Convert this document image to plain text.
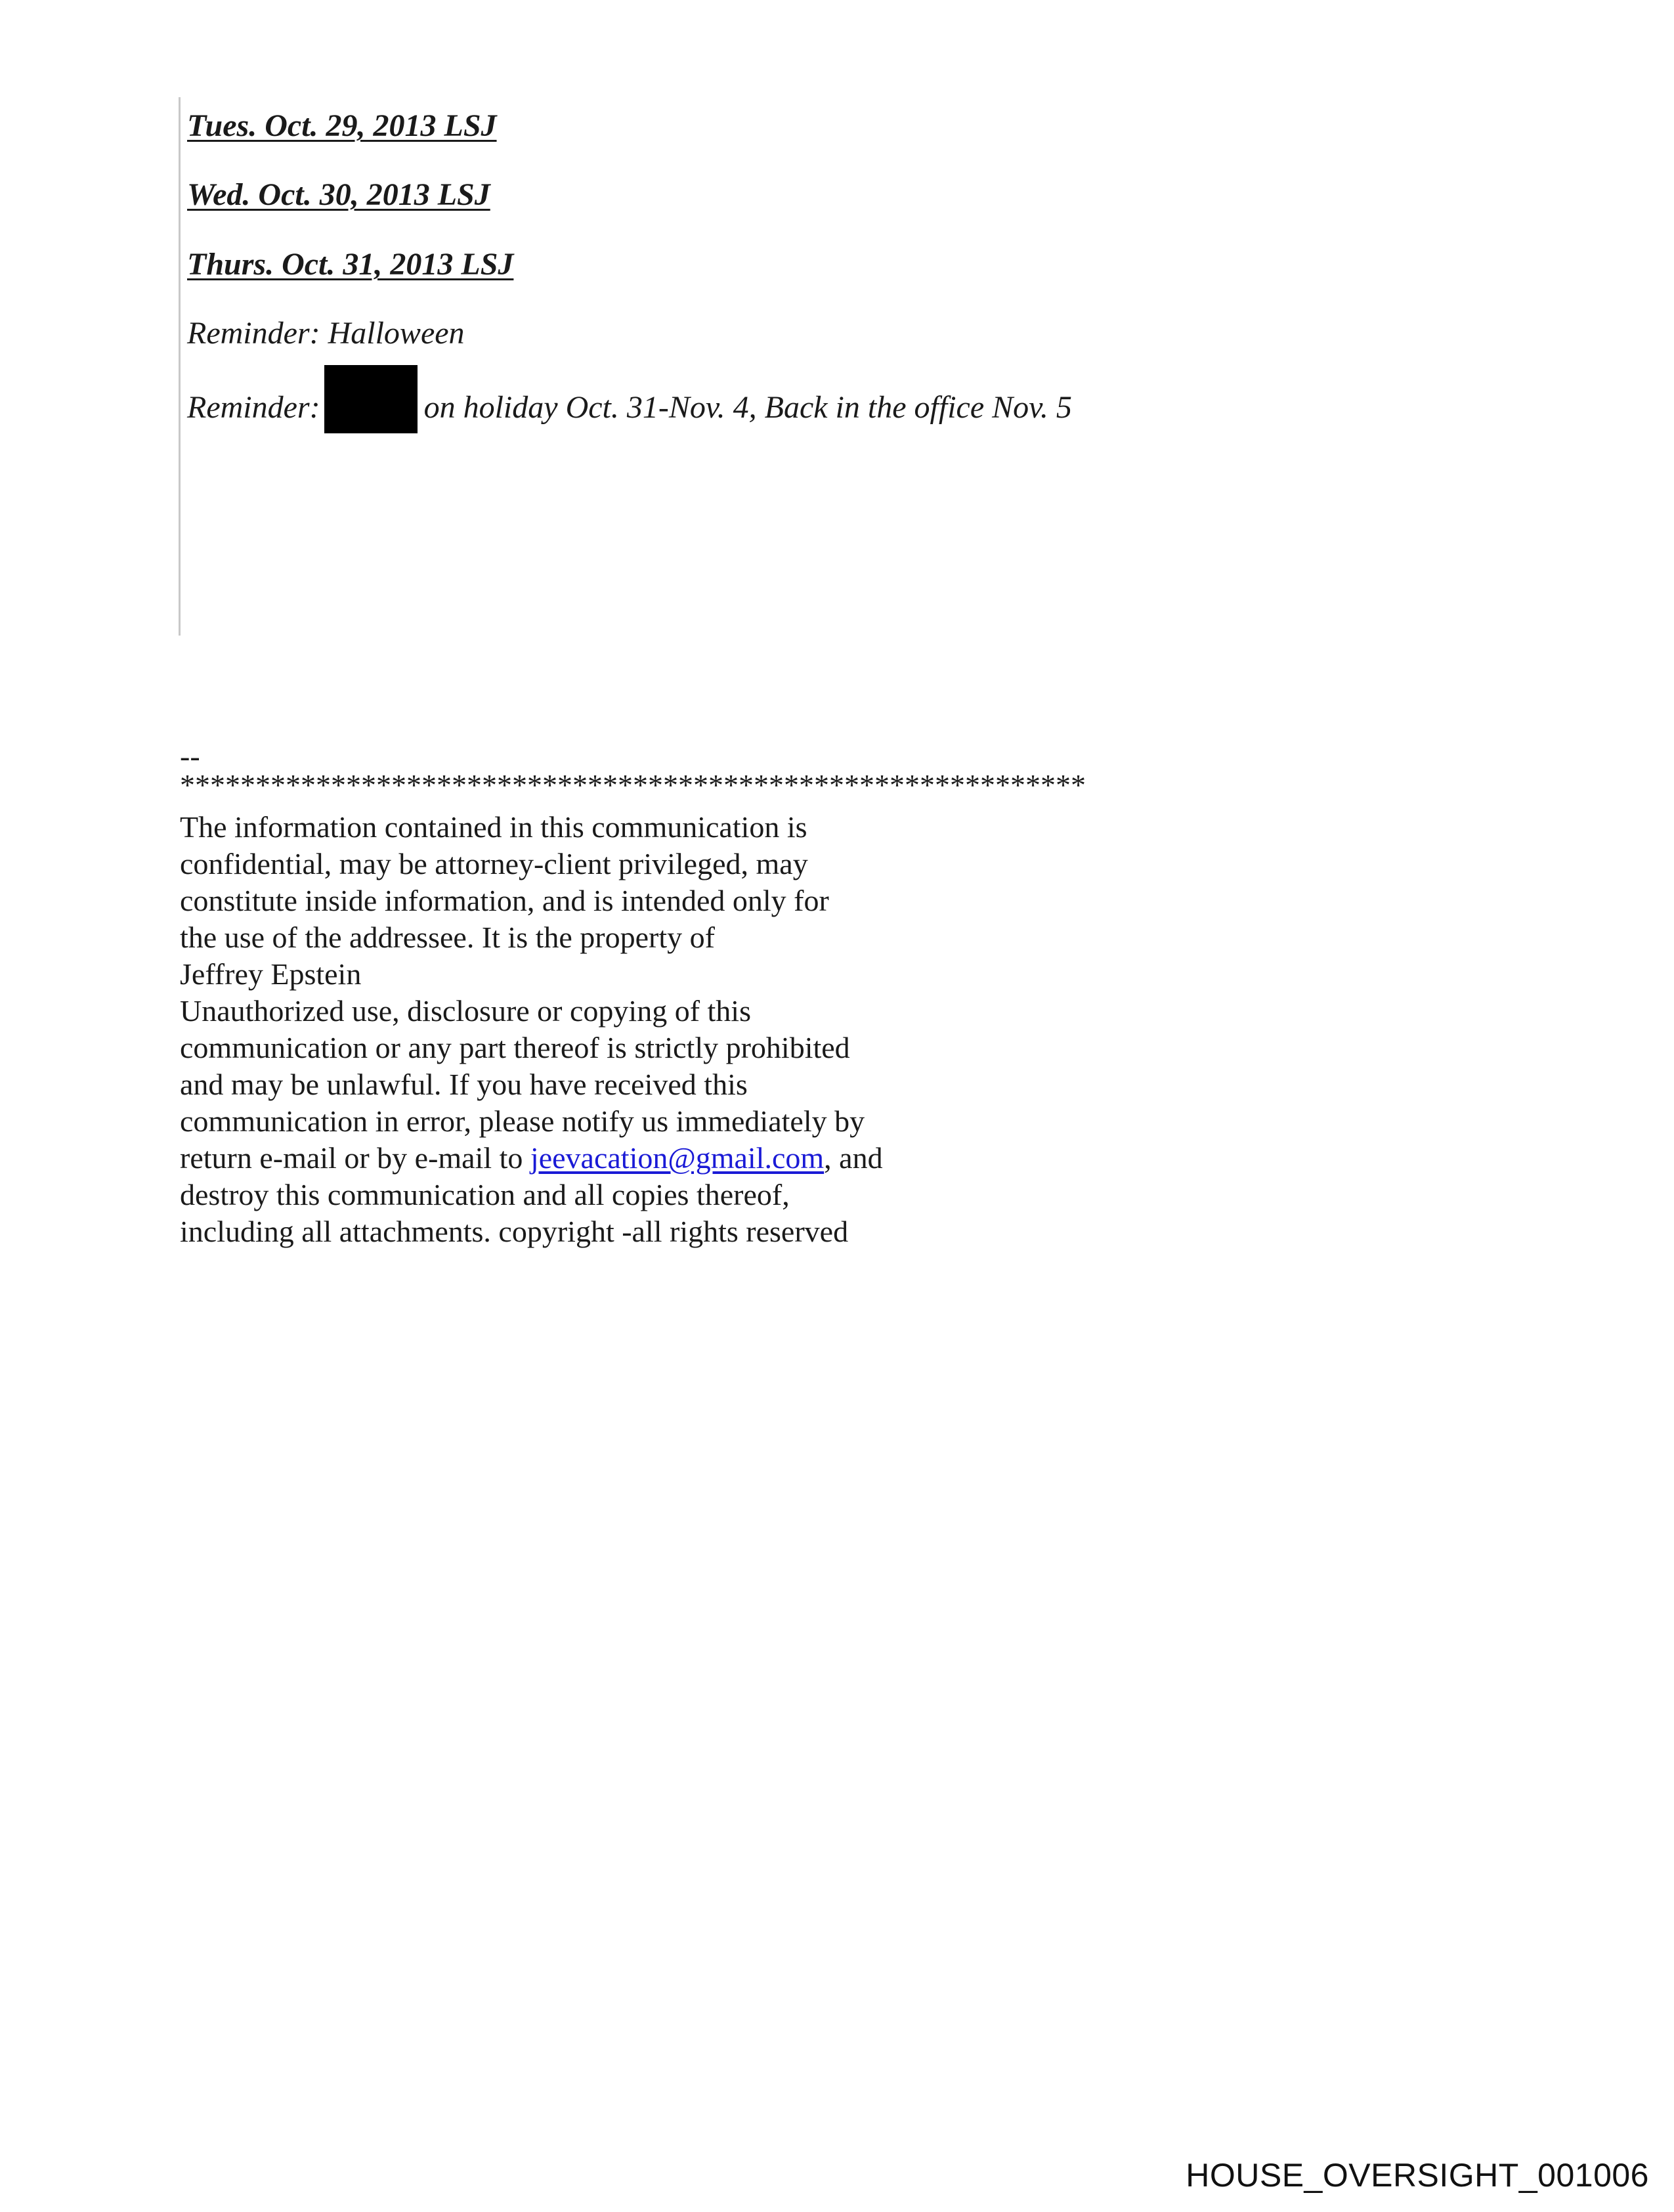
Tues. Oct. 29, 2013 LSJ
Wed. Oct. 30, 2013 LSJ
Thurs. Oct. 31, 2013 LSJ
Reminder: Halloween
Reminder:	on holiday Oct. 31-Nov. 4, Back in the office Nov. 5
--
************************************************************
The information contained in this communication is
confidential, may be attorney-client privileged, may
constitute inside information, and is intended only for
the use of the addressee. It is the property of
Jeffrey Epstein
Unauthorized use, disclosure or copying of this
communication or any part thereof is strictly prohibited
and may be unlawful. If you have received this
communication in error, please notify us immediately by
return e-mail or by e-mail to jeevacation@gmail.com, and
destroy this communication and all copies thereof,
including all attachments. copyright -all rights reserved
HOUSE_OVERSIGHT_001006
